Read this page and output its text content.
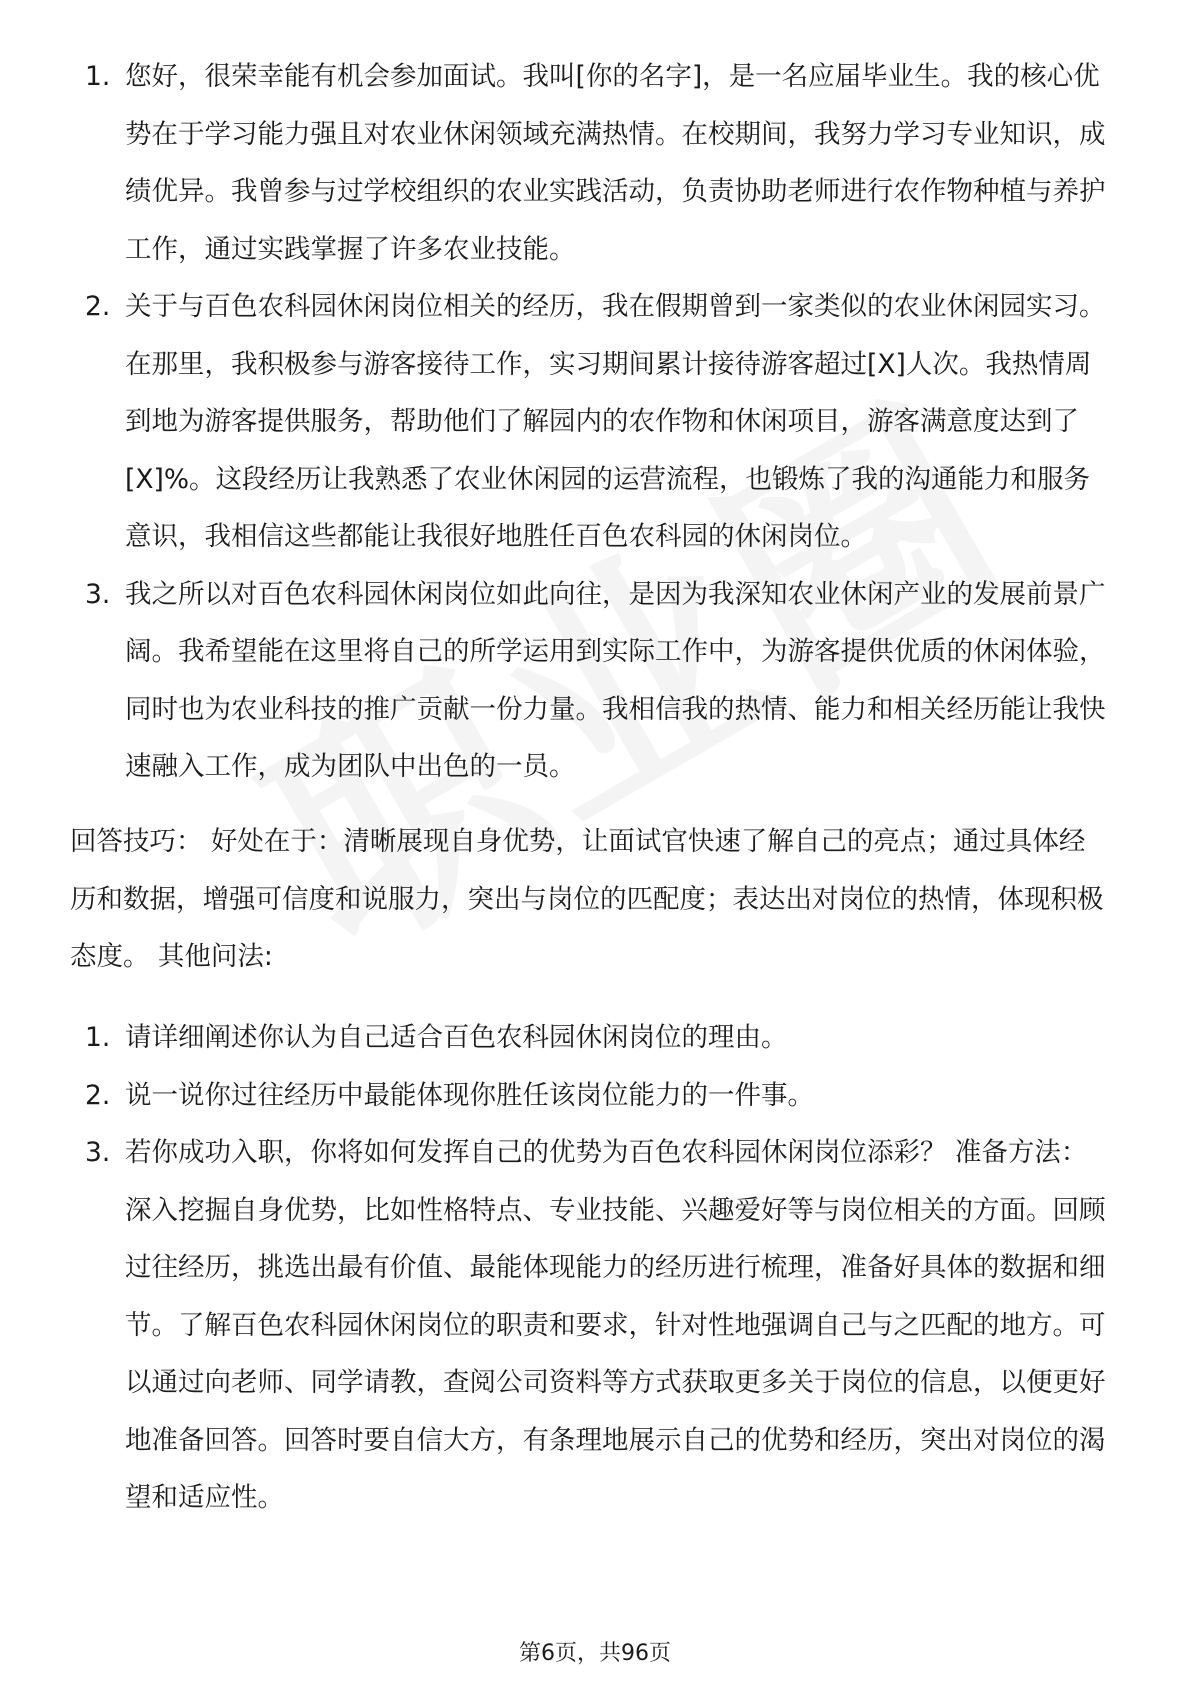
1. 您好，很荣幸能有机会参加面试。我叫[你的名字]，是一名应届毕业生。我的核心优势在于学习能力强且对农业休闲领域充满热情。在校期间，我努力学习专业知识，成绩优异。我曾参与过学校组织的农业实践活动，负责协助老师进行农作物种植与养护工作，通过实践掌握了许多农业技能。
2. 关于与百色农科园休闲岗位相关的经历，我在假期曾到一家类似的农业休闲园实习。在那里，我积极参与游客接待工作，实习期间累计接待游客超过[X]人次。我热情周到地为游客提供服务，帮助他们了解园内的农作物和休闲项目，游客满意度达到了[X]%。这段经历让我熟悉了农业休闲园的运营流程，也锻炼了我的沟通能力和服务意识，我相信这些都能让我很好地胜任百色农科园的休闲岗位。
3. 我之所以对百色农科园休闲岗位如此向往，是因为我深知农业休闲产业的发展前景广阔。我希望能在这里将自己的所学运用到实际工作中，为游客提供优质的休闲体验，同时也为农业科技的推广贡献一份力量。我相信我的热情、能力和相关经历能让我快速融入工作，成为团队中出色的一员。

回答技巧： 好处在于：清晰展现自身优势，让面试官快速了解自己的亮点；通过具体经历和数据，增强可信度和说服力，突出与岗位的匹配度；表达出对岗位的热情，体现积极态度。 其他问法:

1. 请详细阐述你认为自己适合百色农科园休闲岗位的理由。
2. 说一说你过往经历中最能体现你胜任该岗位能力的一件事。
3. 若你成功入职，你将如何发挥自己的优势为百色农科园休闲岗位添彩？ 准备方法： 深入挖掘自身优势，比如性格特点、专业技能、兴趣爱好等与岗位相关的方面。回顾过往经历，挑选出最有价值、最能体现能力的经历进行梳理，准备好具体的数据和细节。了解百色农科园休闲岗位的职责和要求，针对性地强调自己与之匹配的地方。可以通过向老师、同学请教，查阅公司资料等方式获取更多关于岗位的信息，以便更好地准备回答。回答时要自信大方，有条理地展示自己的优势和经历，突出对岗位的渴望和适应性。
第6页，共96页
